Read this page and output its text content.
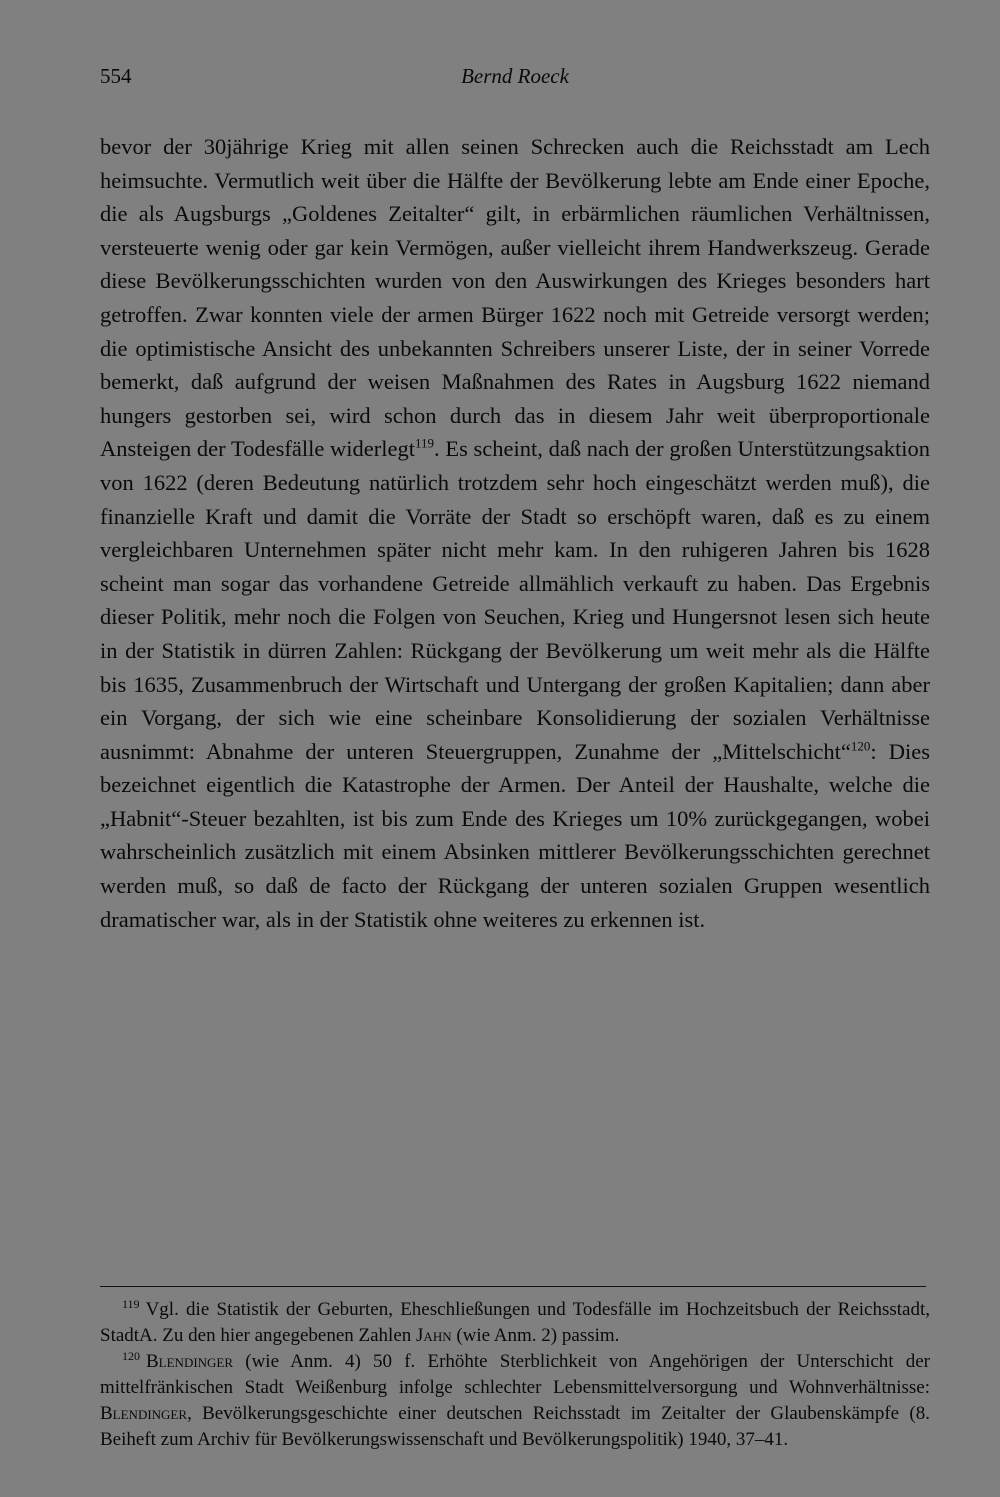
554	Bernd Roeck

bevor der 30jährige Krieg mit allen seinen Schrecken auch die Reichsstadt am Lech heimsuchte. Vermutlich weit über die Hälfte der Bevölkerung lebte am Ende einer Epoche, die als Augsburgs „Goldenes Zeitalter“ gilt, in erbärmlichen räumlichen Verhältnissen, versteuerte wenig oder gar kein Vermögen, außer vielleicht ihrem Handwerkszeug. Gerade diese Bevölkerungsschichten wurden von den Auswirkungen des Krieges besonders hart getroffen. Zwar konnten viele der armen Bürger 1622 noch mit Getreide versorgt werden; die optimistische Ansicht des unbekannten Schreibers unserer Liste, der in seiner Vorrede bemerkt, daß aufgrund der weisen Maßnahmen des Rates in Augsburg 1622 niemand hungers gestorben sei, wird schon durch das in diesem Jahr weit überproportionale Ansteigen der Todesfälle widerlegt$^{119}$. Es scheint, daß nach der großen Unterstützungsaktion von 1622 (deren Bedeutung natürlich trotzdem sehr hoch eingeschätzt werden muß), die finanzielle Kraft und damit die Vorräte der Stadt so erschöpft waren, daß es zu einem vergleichbaren Unternehmen später nicht mehr kam. In den ruhigeren Jahren bis 1628 scheint man sogar das vorhandene Getreide allmählich verkauft zu haben. Das Ergebnis dieser Politik, mehr noch die Folgen von Seuchen, Krieg und Hungersnot lesen sich heute in der Statistik in dürren Zahlen: Rückgang der Bevölkerung um weit mehr als die Hälfte bis 1635, Zusammenbruch der Wirtschaft und Untergang der großen Kapitalien; dann aber ein Vorgang, der sich wie eine scheinbare Konsolidierung der sozialen Verhältnisse ausnimmt: Abnahme der unteren Steuergruppen, Zunahme der „Mittelschicht“$^{120}$: Dies bezeichnet eigentlich die Katastrophe der Armen. Der Anteil der Haushalte, welche die „Habnit“-Steuer bezahlten, ist bis zum Ende des Krieges um 10% zurückgegangen, wobei wahrscheinlich zusätzlich mit einem Absinken mittlerer Bevölkerungsschichten gerechnet werden muß, so daß de facto der Rückgang der unteren sozialen Gruppen wesentlich dramatischer war, als in der Statistik ohne weiteres zu erkennen ist.

$^{119}$ Vgl. die Statistik der Geburten, Eheschließungen und Todesfälle im Hochzeitsbuch der Reichsstadt, StadtA. Zu den hier angegebenen Zahlen Jahn (wie Anm. 2) passim.

$^{120}$ Blendinger (wie Anm. 4) 50 f. Erhöhte Sterblichkeit von Angehörigen der Unterschicht der mittelfränkischen Stadt Weißenburg infolge schlechter Lebensmittelversorgung und Wohnverhältnisse: Blendinger, Bevölkerungsgeschichte einer deutschen Reichsstadt im Zeitalter der Glaubenskämpfe (8. Beiheft zum Archiv für Bevölkerungswissenschaft und Bevölkerungspolitik) 1940, 37–41.
